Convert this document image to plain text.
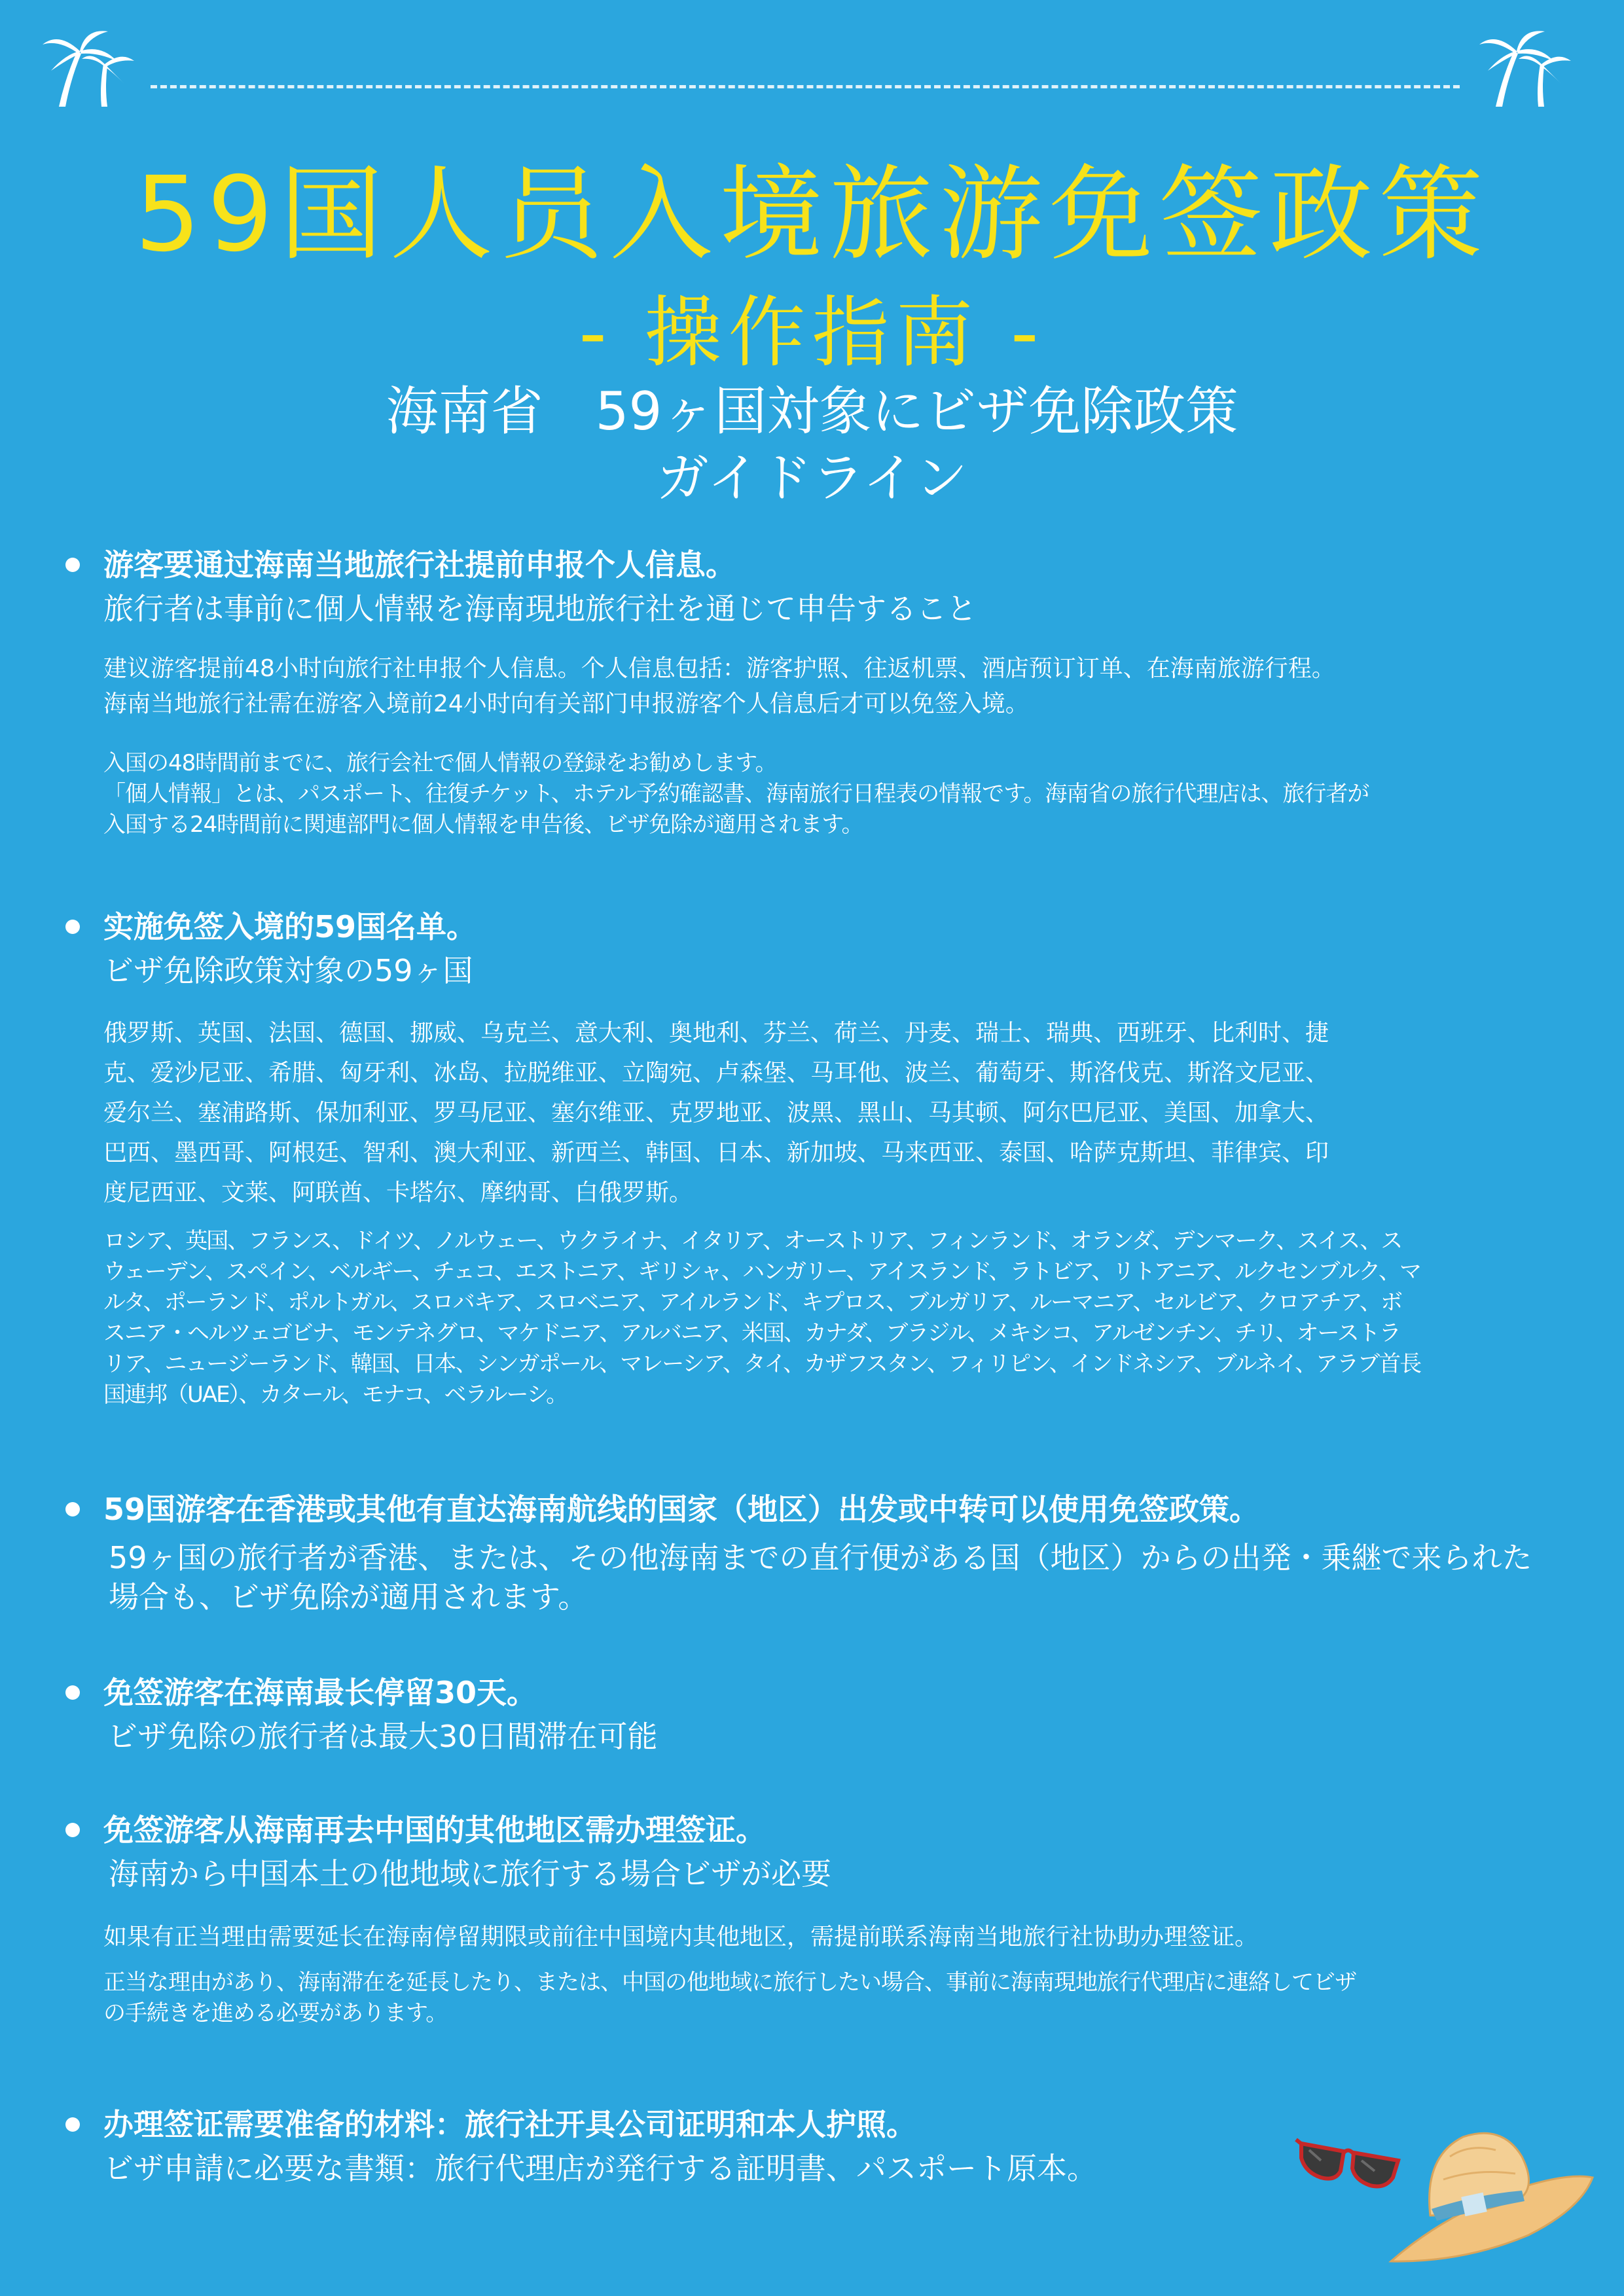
59国人员入境旅游免签政策
- 操作指南 -
海南省　59ヶ国対象にビザ免除政策
ガイドライン
游客要通过海南当地旅行社提前申报个人信息。
旅行者は事前に個人情報を海南現地旅行社を通じて申告すること
建议游客提前48小时向旅行社申报个人信息。个人信息包括：游客护照、往返机票、酒店预订订单、在海南旅游行程。
海南当地旅行社需在游客入境前24小时向有关部门申报游客个人信息后才可以免签入境。
入国の48時間前までに、旅行会社で個人情報の登録をお勧めします。
「個人情報」とは、パスポート、往復チケット、ホテル予約確認書、海南旅行日程表の情報です。海南省の旅行代理店は、旅行者が
入国する24時間前に関連部門に個人情報を申告後、ビザ免除が適用されます。
实施免签入境的59国名单。
ビザ免除政策対象の59ヶ国
俄罗斯、英国、法国、德国、挪威、乌克兰、意大利、奥地利、芬兰、荷兰、丹麦、瑞士、瑞典、西班牙、比利时、捷
克、爱沙尼亚、希腊、匈牙利、冰岛、拉脱维亚、立陶宛、卢森堡、马耳他、波兰、葡萄牙、斯洛伐克、斯洛文尼亚、
爱尔兰、塞浦路斯、保加利亚、罗马尼亚、塞尔维亚、克罗地亚、波黑、黑山、马其顿、阿尔巴尼亚、美国、加拿大、
巴西、墨西哥、阿根廷、智利、澳大利亚、新西兰、韩国、日本、新加坡、马来西亚、泰国、哈萨克斯坦、菲律宾、印
度尼西亚、文莱、阿联酋、卡塔尔、摩纳哥、白俄罗斯。
ロシア、英国、フランス、ドイツ、ノルウェー、ウクライナ、イタリア、オーストリア、フィンランド、オランダ、デンマーク、スイス、ス
ウェーデン、スペイン、ベルギー、チェコ、エストニア、ギリシャ、ハンガリー、アイスランド、ラトビア、リトアニア、ルクセンブルク、マ
ルタ、ポーランド、ポルトガル、スロバキア、スロベニア、アイルランド、キプロス、ブルガリア、ルーマニア、セルビア、クロアチア、ボ
スニア・ヘルツェゴビナ、モンテネグロ、マケドニア、アルバニア、米国、カナダ、ブラジル、メキシコ、アルゼンチン、チリ、オーストラ
リア、ニュージーランド、韓国、日本、シンガポール、マレーシア、タイ、カザフスタン、フィリピン、インドネシア、ブルネイ、アラブ首長
国連邦（UAE）、カタール、モナコ、ベラルーシ。
59国游客在香港或其他有直达海南航线的国家（地区）出发或中转可以使用免签政策。
59ヶ国の旅行者が香港、または、その他海南までの直行便がある国（地区）からの出発・乗継で来られた
場合も、ビザ免除が適用されます。
免签游客在海南最长停留30天。
ビザ免除の旅行者は最大30日間滞在可能
免签游客从海南再去中国的其他地区需办理签证。
海南から中国本土の他地域に旅行する場合ビザが必要
如果有正当理由需要延长在海南停留期限或前往中国境内其他地区，需提前联系海南当地旅行社协助办理签证。
正当な理由があり、海南滞在を延長したり、または、中国の他地域に旅行したい場合、事前に海南現地旅行代理店に連絡してビザ
の手続きを進める必要があります。
办理签证需要准备的材料：旅行社开具公司证明和本人护照。
ビザ申請に必要な書類：旅行代理店が発行する証明書、パスポート原本。
